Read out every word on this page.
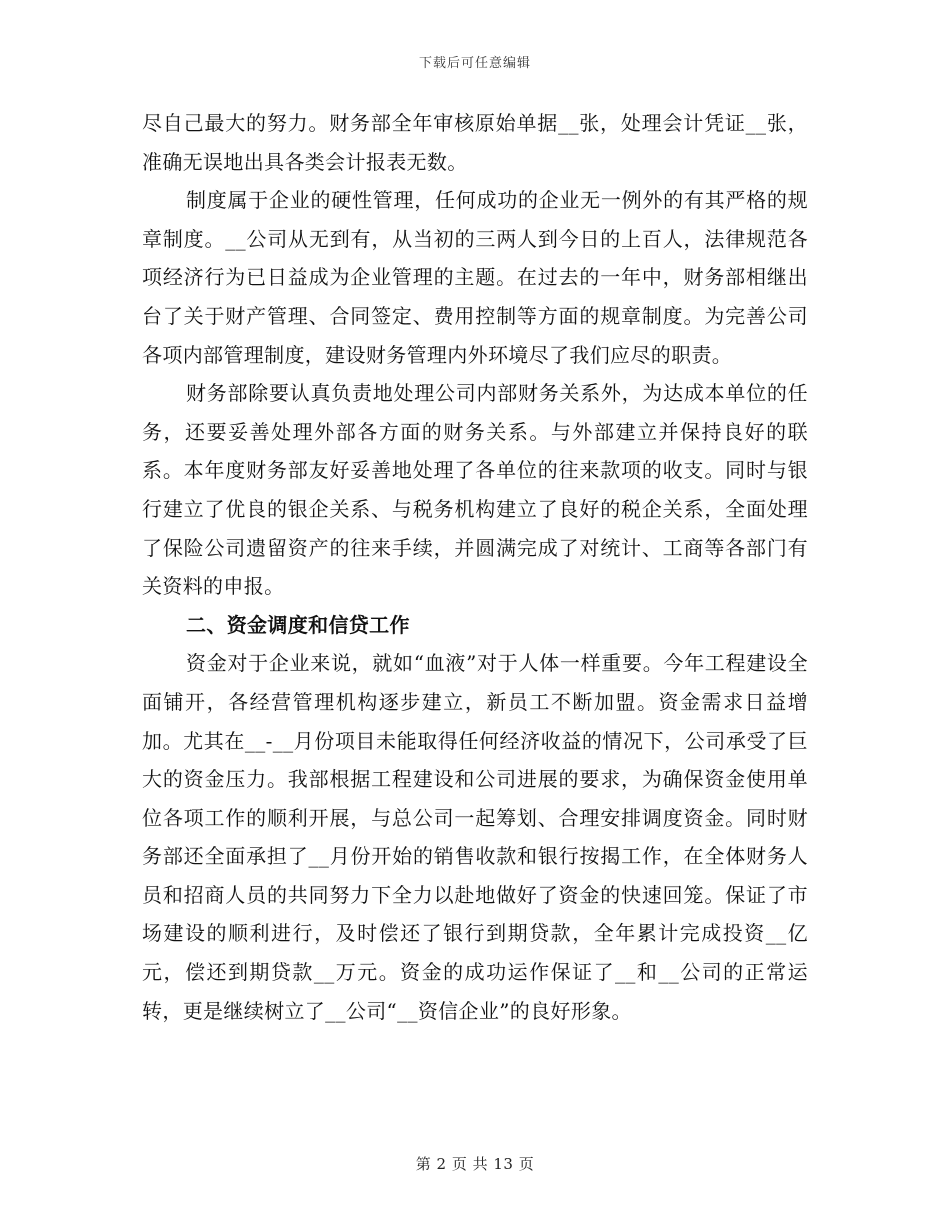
下载后可任意编辑

尽自己最大的努力。财务部全年审核原始单据__张，处理会计凭证__张，准确无误地出具各类会计报表无数。

制度属于企业的硬性管理，任何成功的企业无一例外的有其严格的规章制度。__公司从无到有，从当初的三两人到今日的上百人，法律规范各项经济行为已日益成为企业管理的主题。在过去的一年中，财务部相继出台了关于财产管理、合同签定、费用控制等方面的规章制度。为完善公司各项内部管理制度，建设财务管理内外环境尽了我们应尽的职责。

财务部除要认真负责地处理公司内部财务关系外，为达成本单位的任务，还要妥善处理外部各方面的财务关系。与外部建立并保持良好的联系。本年度财务部友好妥善地处理了各单位的往来款项的收支。同时与银行建立了优良的银企关系、与税务机构建立了良好的税企关系，全面处理了保险公司遗留资产的往来手续，并圆满完成了对统计、工商等各部门有关资料的申报。

二、资金调度和信贷工作

资金对于企业来说，就如“血液”对于人体一样重要。今年工程建设全面铺开，各经营管理机构逐步建立，新员工不断加盟。资金需求日益增加。尤其在__-__月份项目未能取得任何经济收益的情况下，公司承受了巨大的资金压力。我部根据工程建设和公司进展的要求，为确保资金使用单位各项工作的顺利开展，与总公司一起筹划、合理安排调度资金。同时财务部还全面承担了__月份开始的销售收款和银行按揭工作，在全体财务人员和招商人员的共同努力下全力以赴地做好了资金的快速回笼。保证了市场建设的顺利进行，及时偿还了银行到期贷款，全年累计完成投资__亿元，偿还到期贷款__万元。资金的成功运作保证了__和__公司的正常运转，更是继续树立了__公司“__资信企业”的良好形象。

第 2 页 共 13 页
